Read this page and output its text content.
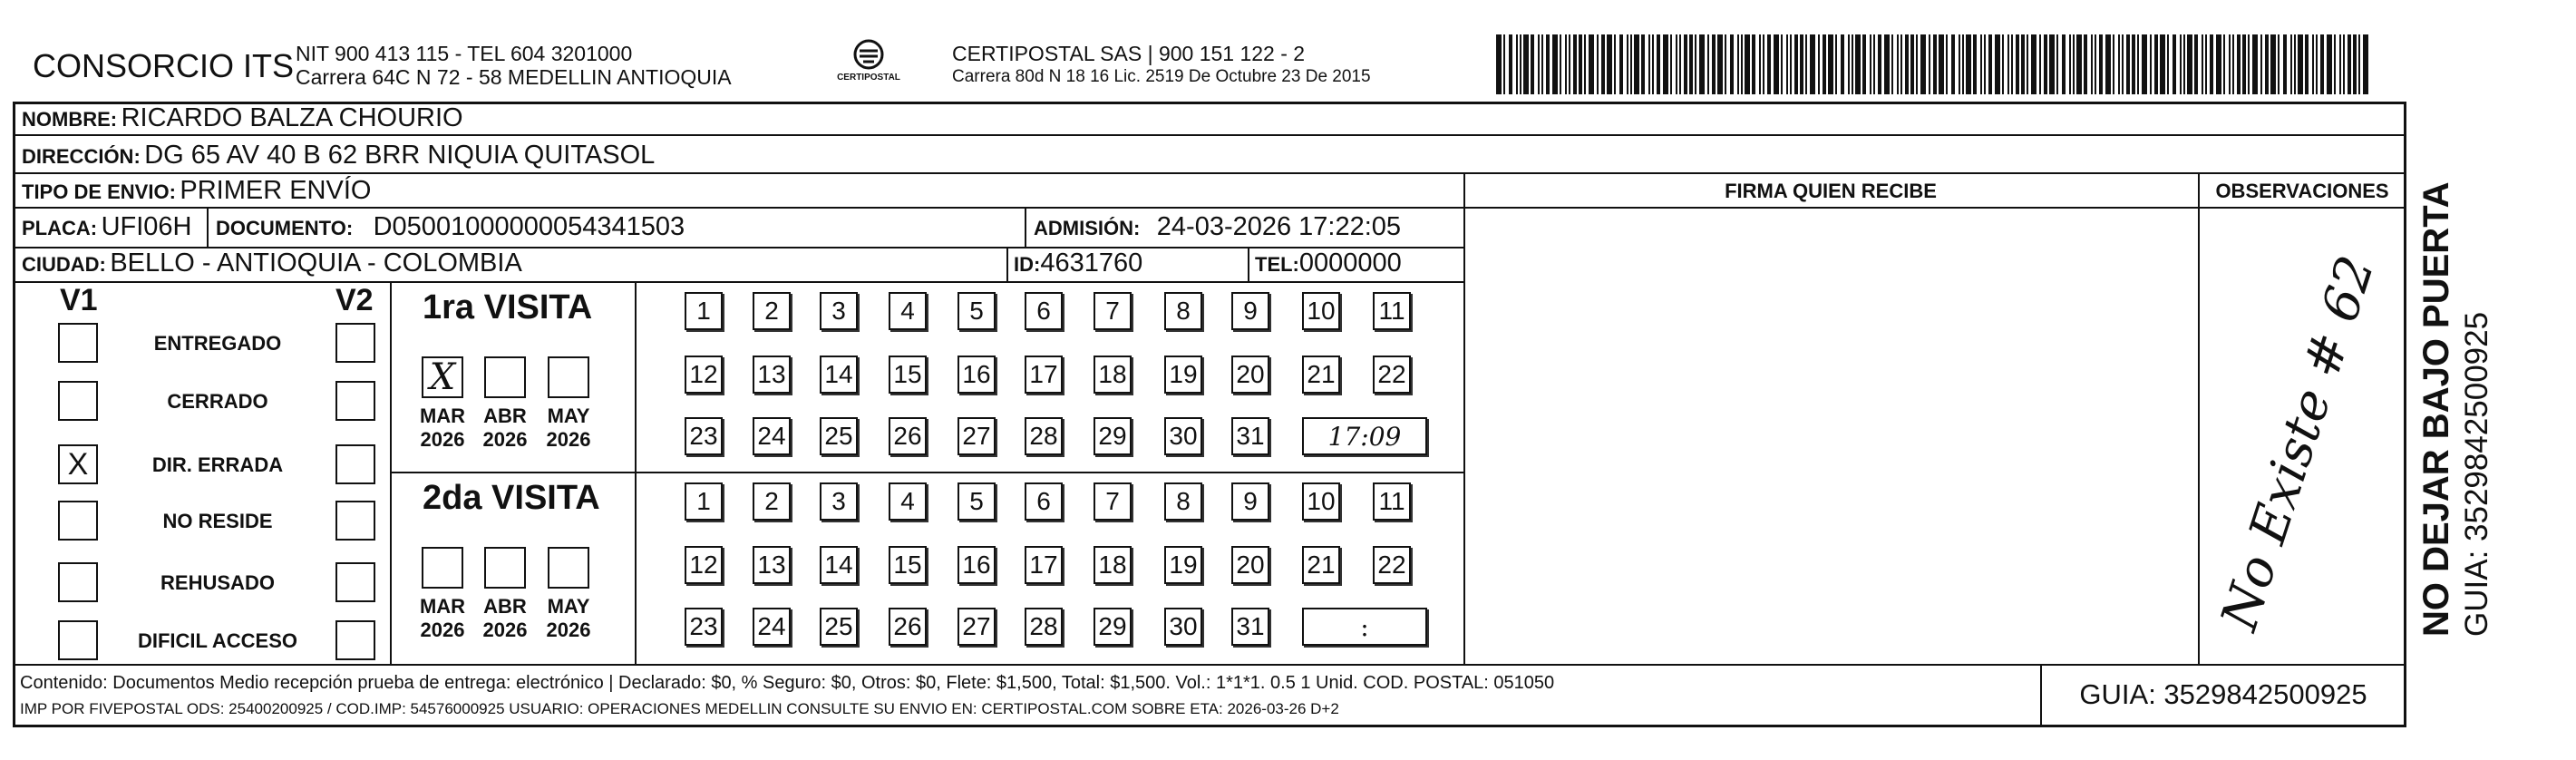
CONSORCIO ITS NIT 900 413 115 - TEL 604 3201000
Carrera 64C N 72 - 58 MEDELLIN ANTIOQUIA	CERTIPOSTAL
CERTIPOSTAL SAS | 900 151 122 - 2
Carrera 80d N 18 16 Lic. 2519 De Octubre 23 De 2015
NOMBRE: RICARDO BALZA CHOURIO
DIRECCIÓN: DG 65 AV 40 B 62 BRR NIQUIA QUITASOL
TIPO DE ENVIO: PRIMER ENVÍO
PLACA: UFI06H DOCUMENTO: D05001000000054341503	ADMISIÓN: 24-03-2026 17:22:05
CIUDAD: BELLO - ANTIOQUIA - COLOMBIA	ID:4631760	TEL:0000000
FIRMA QUIEN RECIBE	OBSERVACIONES
No Existe # 62
V1	V2
ENTREGADO
CERRADO
X	DIR. ERRADA
NO RESIDE
REHUSADO
DIFICIL ACCESO
1ra VISITA
X
MAR
2026
ABR
2026
MAY
2026
1	2	3	4	5	6	7	8	9	10 11
12 13 14 15 16 17 18 19 20 21 22
23 24 25 26 27 28 29 30 31	17:09
2da VISITA
MAR
2026
ABR
2026
MAY
2026
1	2	3	4	5	6	7	8	9	10 11
12 13 14 15 16 17 18 19 20 21 22
23 24 25 26 27 28 29 30 31	:
Contenido: Documentos Medio recepción prueba de entrega: electrónico | Declarado: $0, % Seguro: $0, Otros: $0, Flete: $1,500, Total: $1,500. Vol.: 1*1*1. 0.5 1 Unid. COD. POSTAL: 051050
IMP POR FIVEPOSTAL ODS: 25400200925 / COD.IMP: 54576000925 USUARIO: OPERACIONES MEDELLIN CONSULTE SU ENVIO EN: CERTIPOSTAL.COM SOBRE ETA: 2026-03-26 D+2	GUIA: 3529842500925
NO DEJAR BAJO PUERTA GUIA: 3529842500925
